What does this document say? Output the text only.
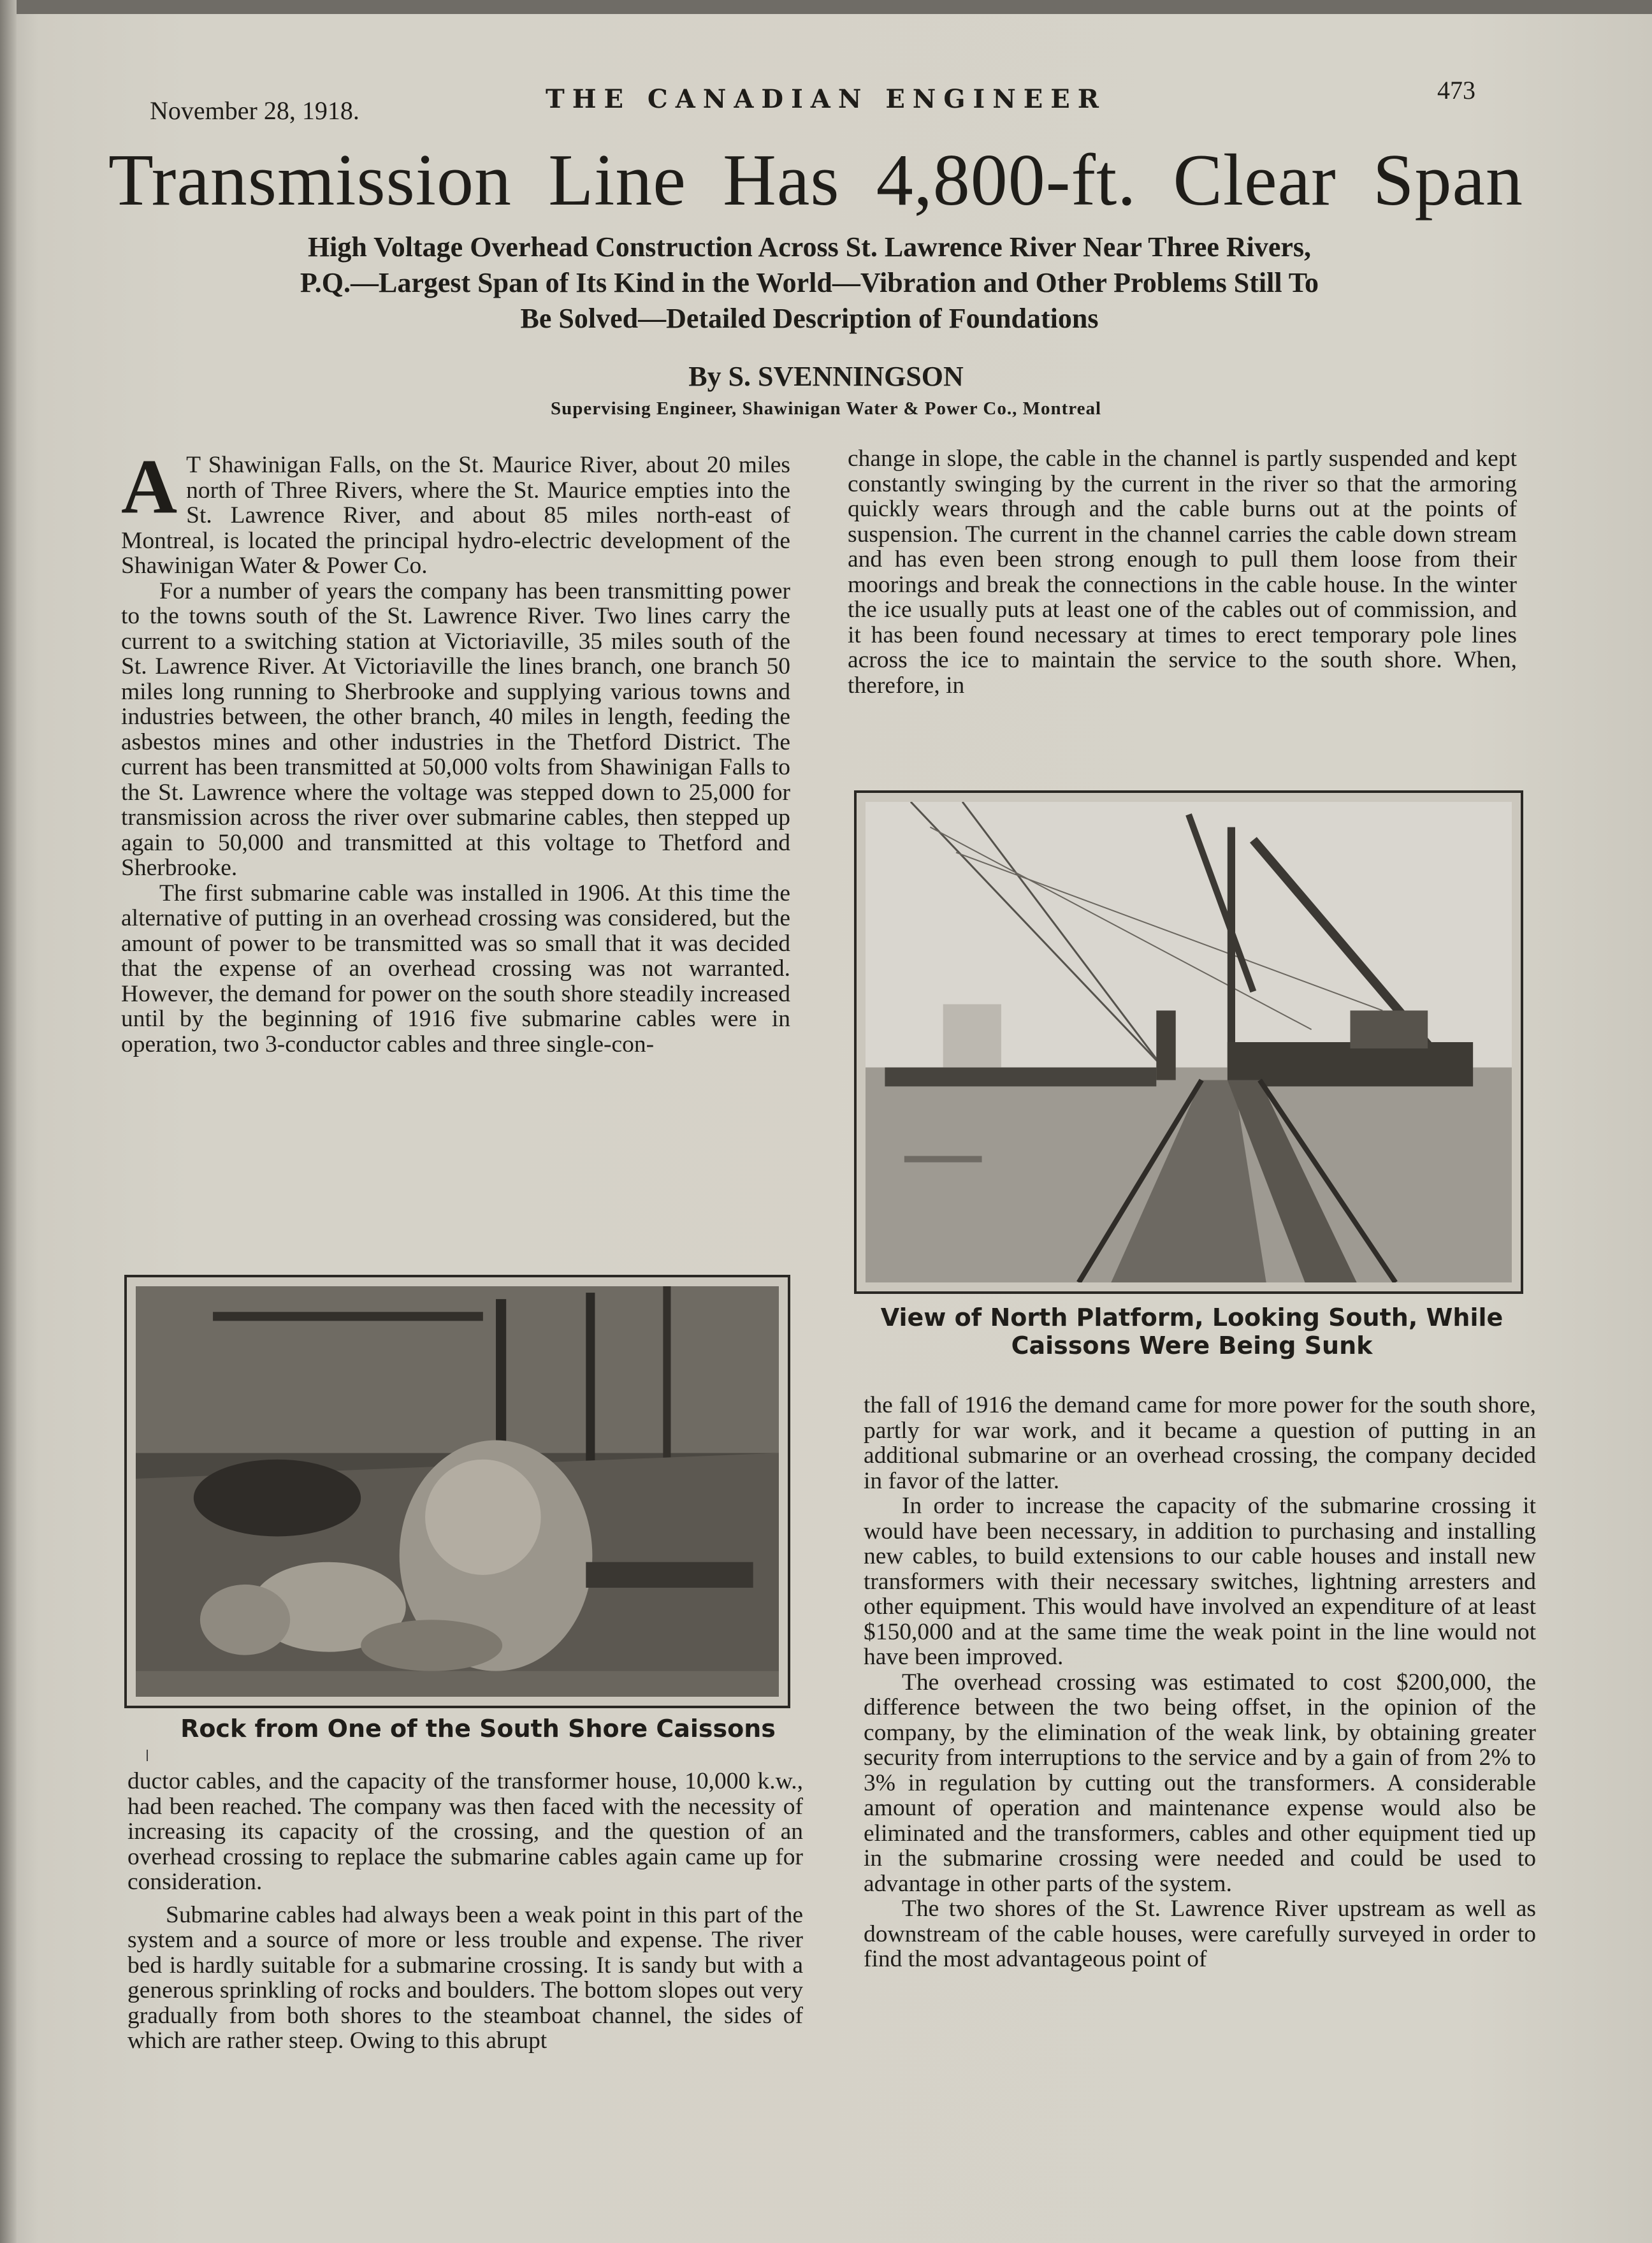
November 28, 1918.	THE CANADIAN ENGINEER	473
Transmission Line Has 4,800-ft. Clear Span
High Voltage Overhead Construction Across St. Lawrence River Near Three Rivers, P.Q.—Largest Span of Its Kind in the World—Vibration and Other Problems Still To Be Solved—Detailed Description of Foundations
By S. SVENNINGSON
Supervising Engineer, Shawinigan Water & Power Co., Montreal

A T Shawinigan Falls, on the St. Maurice River, about 20 miles north of Three Rivers, where the St. Maurice empties into the St. Lawrence River, and about 85 miles north-east of Montreal, is located the principal hydro-electric development of the Shawinigan Water & Power Co.

For a number of years the company has been transmitting power to the towns south of the St. Lawrence River. Two lines carry the current to a switching station at Victoriaville, 35 miles south of the St. Lawrence River. At Victoriaville the lines branch, one branch 50 miles long running to Sherbrooke and supplying various towns and industries between, the other branch, 40 miles in length, feeding the asbestos mines and other industries in the Thetford District. The current has been transmitted at 50,000 volts from Shawinigan Falls to the St. Lawrence where the voltage was stepped down to 25,000 for transmission across the river over submarine cables, then stepped up again to 50,000 and transmitted at this voltage to Thetford and Sherbrooke.

The first submarine cable was installed in 1906. At this time the alternative of putting in an overhead crossing was considered, but the amount of power to be transmitted was so small that it was decided that the expense of an overhead crossing was not warranted. However, the demand for power on the south shore steadily increased until by the beginning of 1916 five submarine cables were in operation, two 3-conductor cables and three single-con-

Rock from One of the South Shore Caissons

ductor cables, and the capacity of the transformer house, 10,000 k.w., had been reached. The company was then faced with the necessity of increasing its capacity of the crossing, and the question of an overhead crossing to replace the submarine cables again came up for consideration.

Submarine cables had always been a weak point in this part of the system and a source of more or less trouble and expense. The river bed is hardly suitable for a submarine crossing. It is sandy but with a generous sprinkling of rocks and boulders. The bottom slopes out very gradually from both shores to the steamboat channel, the sides of which are rather steep. Owing to this abrupt

change in slope, the cable in the channel is partly suspended and kept constantly swinging by the current in the river so that the armoring quickly wears through and the cable burns out at the points of suspension. The current in the channel carries the cable down stream and has even been strong enough to pull them loose from their moorings and break the connections in the cable house. In the winter the ice usually puts at least one of the cables out of commission, and it has been found necessary at times to erect temporary pole lines across the ice to maintain the service to the south shore. When, therefore, in

View of North Platform, Looking South, While Caissons Were Being Sunk

the fall of 1916 the demand came for more power for the south shore, partly for war work, and it became a question of putting in an additional submarine or an overhead crossing, the company decided in favor of the latter.

In order to increase the capacity of the submarine crossing it would have been necessary, in addition to purchasing and installing new cables, to build extensions to our cable houses and install new transformers with their necessary switches, lightning arresters and other equipment. This would have involved an expenditure of at least $150,000 and at the same time the weak point in the line would not have been improved.

The overhead crossing was estimated to cost $200,000, the difference between the two being offset, in the opinion of the company, by the elimination of the weak link, by obtaining greater security from interruptions to the service and by a gain of from 2% to 3% in regulation by cutting out the transformers. A considerable amount of operation and maintenance expense would also be eliminated and the transformers, cables and other equipment tied up in the submarine crossing were needed and could be used to advantage in other parts of the system.

The two shores of the St. Lawrence River upstream as well as downstream of the cable houses, were carefully surveyed in order to find the most advantageous point of
